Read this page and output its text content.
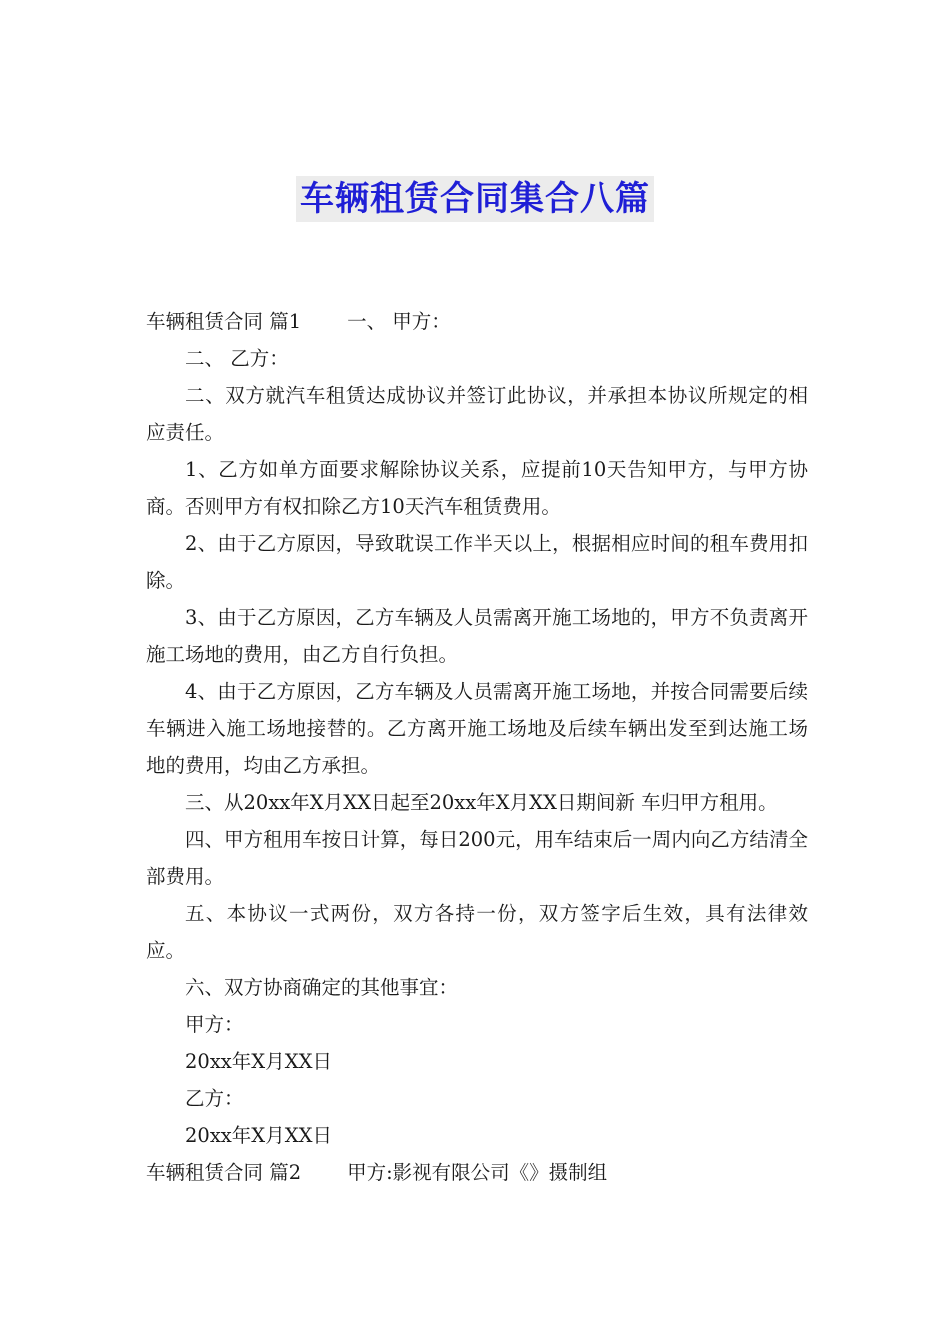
车辆租赁合同集合八篇

车辆租赁合同 篇1 一、 甲方：

二、 乙方：

二、双方就汽车租赁达成协议并签订此协议，并承担本协议所规定的相应责任。

1、乙方如单方面要求解除协议关系，应提前10天告知甲方，与甲方协商。否则甲方有权扣除乙方10天汽车租赁费用。

2、由于乙方原因，导致耽误工作半天以上，根据相应时间的租车费用扣除。

3、由于乙方原因，乙方车辆及人员需离开施工场地的，甲方不负责离开施工场地的费用，由乙方自行负担。

4、由于乙方原因，乙方车辆及人员需离开施工场地，并按合同需要后续车辆进入施工场地接替的。乙方离开施工场地及后续车辆出发至到达施工场地的费用，均由乙方承担。

三、从20xx年X月XX日起至20xx年X月XX日期间新 车归甲方租用。

四、甲方租用车按日计算，每日200元，用车结束后一周内向乙方结清全部费用。

五、本协议一式两份，双方各持一份，双方签字后生效，具有法律效应。

六、双方协商确定的其他事宜：

甲方：

20xx年X月XX日

乙方：

20xx年X月XX日

车辆租赁合同 篇2 甲方:影视有限公司《》摄制组
